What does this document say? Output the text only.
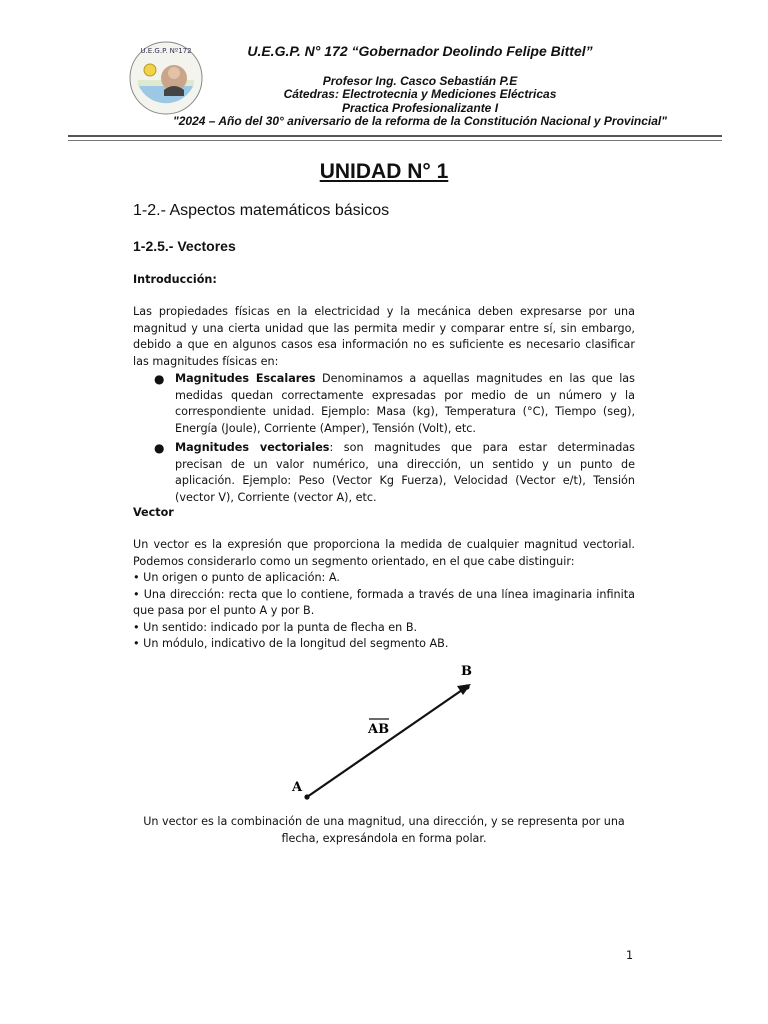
U.E.G.P. Nº172	U.E.G.P. N° 172 “Gobernador Deolindo Felipe Bittel”
Profesor Ing. Casco Sebastián P.E
Cátedras: Electrotecnia y Mediciones Eléctricas
Practica Profesionalizante I
"2024 – Año del 30° aniversario de la reforma de la Constitución Nacional y Provincial"
UNIDAD N° 1
1-2.- Aspectos matemáticos básicos
1-2.5.- Vectores
Introducción:
Las propiedades físicas en la electricidad y la mecánica deben expresarse por una magnitud y una cierta unidad que las permita medir y comparar entre sí, sin embargo, debido a que en algunos casos esa información no es suficiente es necesario clasificar las magnitudes físicas en:
● Magnitudes Escalares Denominamos a aquellas magnitudes en las que las medidas quedan correctamente expresadas por medio de un número y la correspondiente unidad. Ejemplo: Masa (kg), Temperatura (°C), Tiempo (seg), Energía (Joule), Corriente (Amper), Tensión (Volt), etc.
● Magnitudes vectoriales: son magnitudes que para estar determinadas precisan de un valor numérico, una dirección, un sentido y un punto de aplicación. Ejemplo: Peso (Vector Kg Fuerza), Velocidad (Vector e/t), Tensión (vector V), Corriente (vector A), etc.
Vector
Un vector es la expresión que proporciona la medida de cualquier magnitud vectorial. Podemos considerarlo como un segmento orientado, en el que cabe distinguir:
• Un origen o punto de aplicación: A.
• Una dirección: recta que lo contiene, formada a través de una línea imaginaria infinita que pasa por el punto A y por B.
• Un sentido: indicado por la punta de flecha en B.
• Un módulo, indicativo de la longitud del segmento AB.
A
B
AB
Un vector es la combinación de una magnitud, una dirección, y se representa por una flecha, expresándola en forma polar.
1
